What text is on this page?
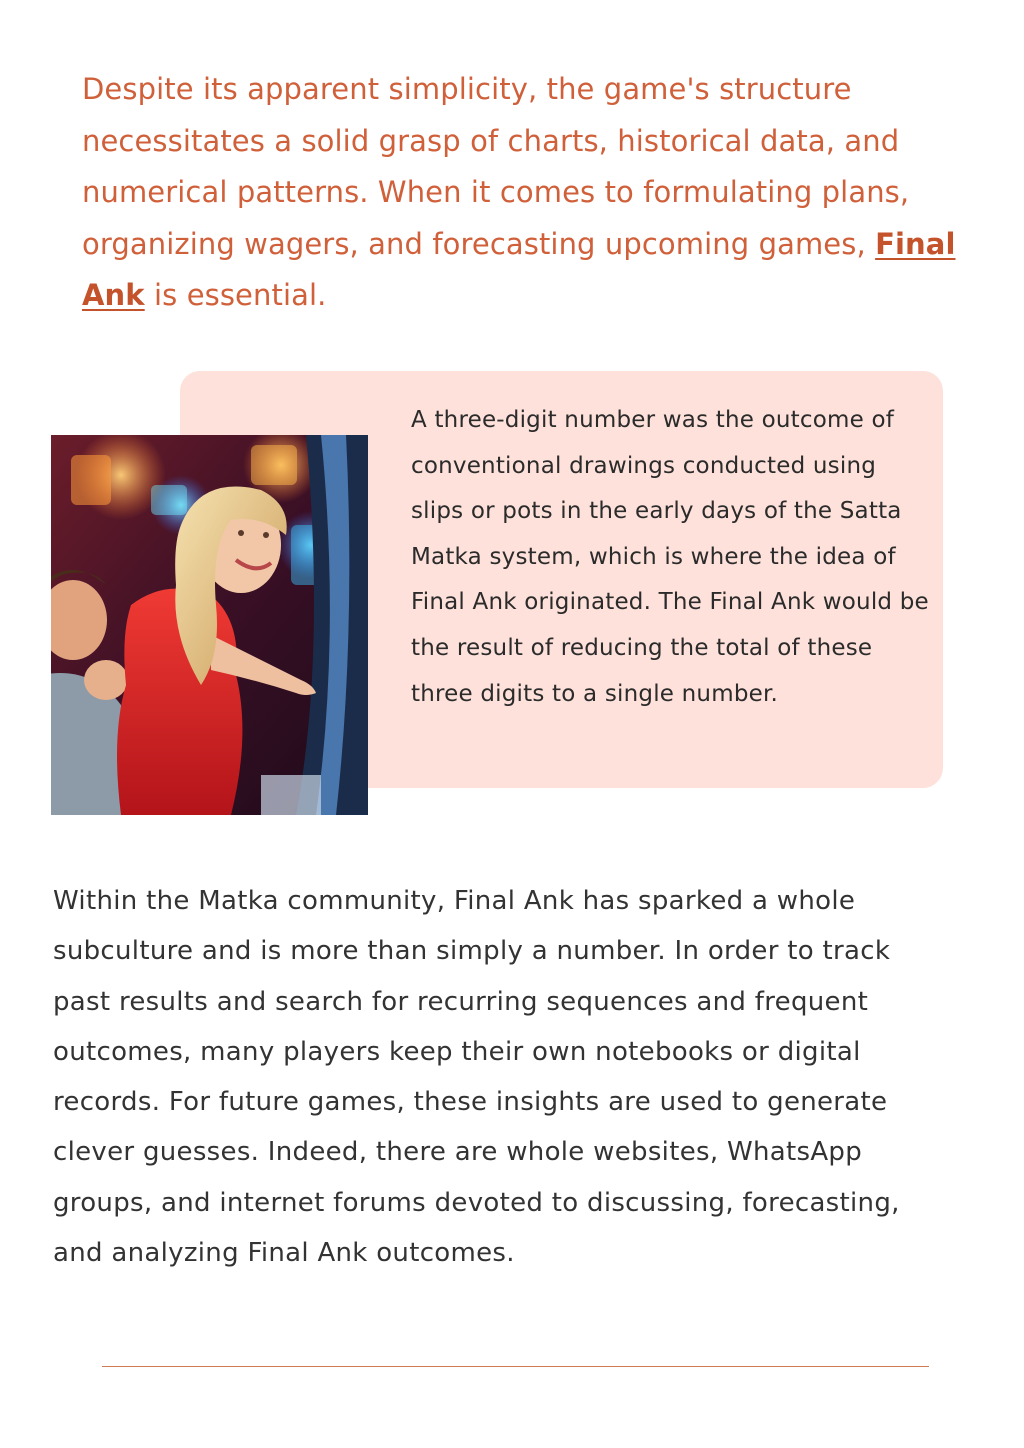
Despite its apparent simplicity, the game's structure necessitates a solid grasp of charts, historical data, and numerical patterns. When it comes to formulating plans, organizing wagers, and forecasting upcoming games, Final Ank is essential.

A three-digit number was the outcome of conventional drawings conducted using slips or pots in the early days of the Satta Matka system, which is where the idea of Final Ank originated. The Final Ank would be the result of reducing the total of these three digits to a single number.

Within the Matka community, Final Ank has sparked a whole subculture and is more than simply a number. In order to track past results and search for recurring sequences and frequent outcomes, many players keep their own notebooks or digital records. For future games, these insights are used to generate clever guesses. Indeed, there are whole websites, WhatsApp groups, and internet forums devoted to discussing, forecasting, and analyzing Final Ank outcomes.
